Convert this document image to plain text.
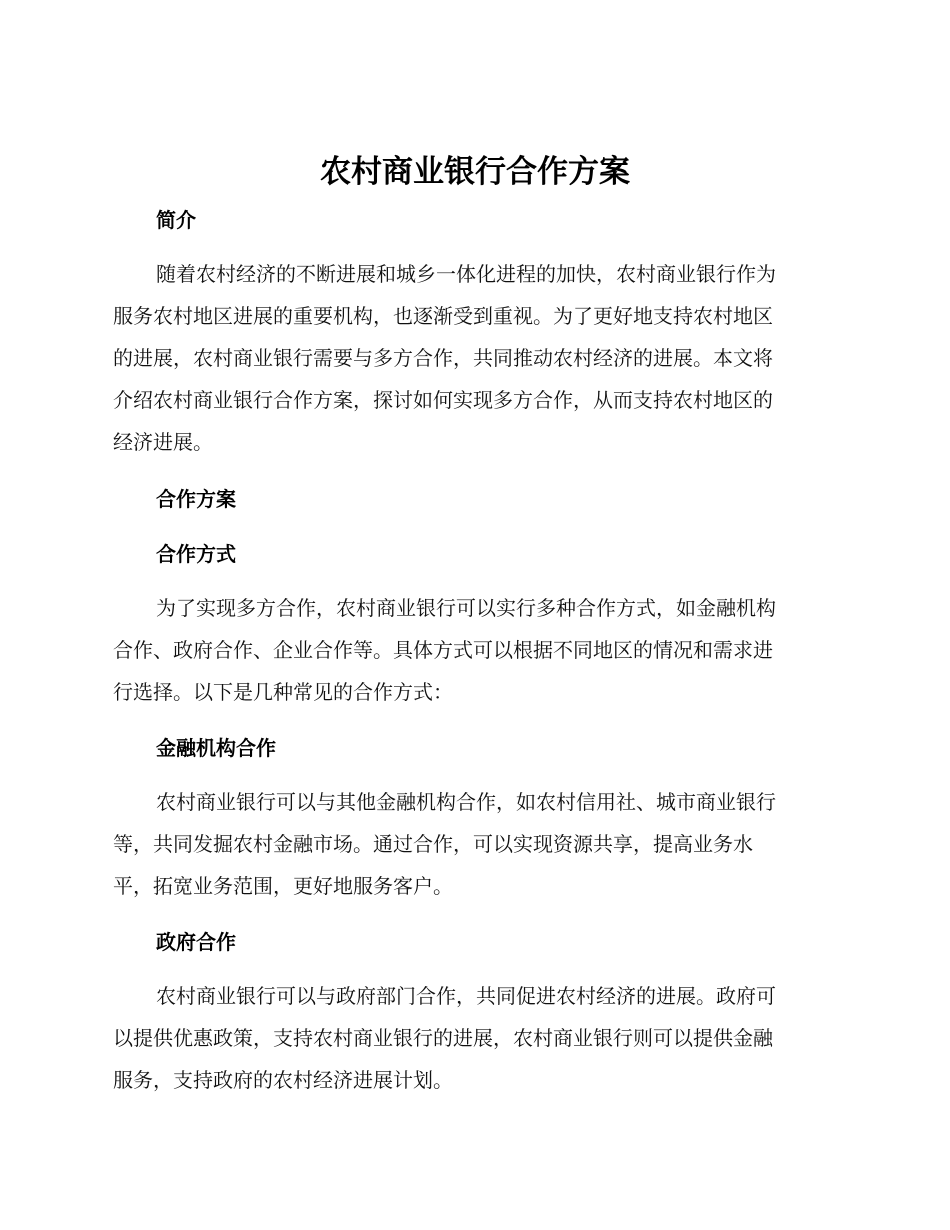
农村商业银行合作方案
简介
随着农村经济的不断进展和城乡一体化进程的加快，农村商业银行作为
服务农村地区进展的重要机构，也逐渐受到重视。为了更好地支持农村地区
的进展，农村商业银行需要与多方合作，共同推动农村经济的进展。本文将
介绍农村商业银行合作方案，探讨如何实现多方合作，从而支持农村地区的
经济进展。
合作方案
合作方式
为了实现多方合作，农村商业银行可以实行多种合作方式，如金融机构
合作、政府合作、企业合作等。具体方式可以根据不同地区的情况和需求进
行选择。以下是几种常见的合作方式：
金融机构合作
农村商业银行可以与其他金融机构合作，如农村信用社、城市商业银行
等，共同发掘农村金融市场。通过合作，可以实现资源共享，提高业务水
平，拓宽业务范围，更好地服务客户。
政府合作
农村商业银行可以与政府部门合作，共同促进农村经济的进展。政府可
以提供优惠政策，支持农村商业银行的进展，农村商业银行则可以提供金融
服务，支持政府的农村经济进展计划。
